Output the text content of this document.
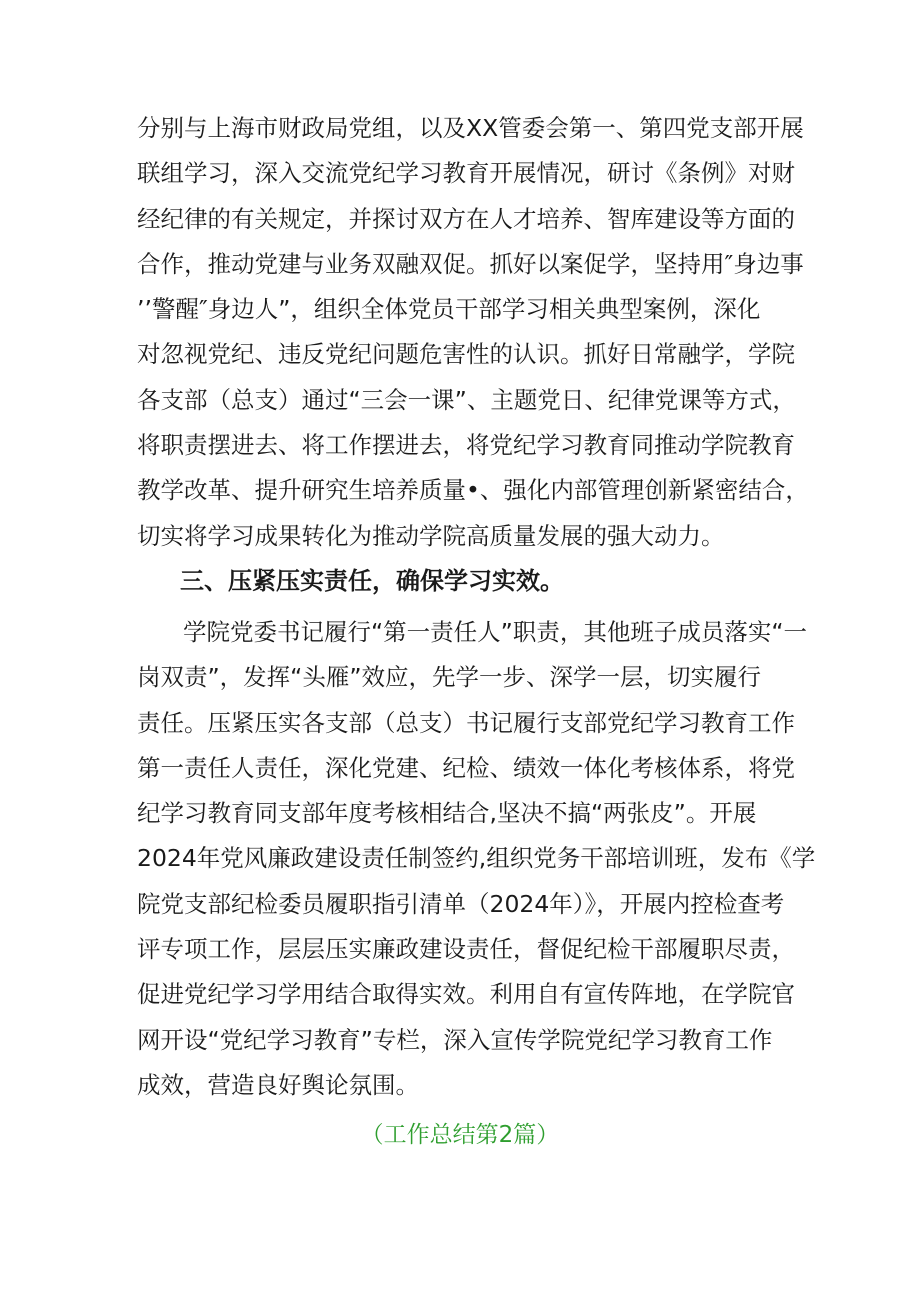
分别与上海市财政局党组，以及XX管委会第一、第四党支部开展
联组学习，深入交流党纪学习教育开展情况，研讨《条例》对财
经纪律的有关规定，并探讨双方在人才培养、智库建设等方面的
合作，推动党建与业务双融双促。抓好以案促学，坚持用″身边事
’’警醒″身边人”，组织全体党员干部学习相关典型案例，深化
对忽视党纪、违反党纪问题危害性的认识。抓好日常融学，学院
各支部（总支）通过“三会一课”、主题党日、纪律党课等方式，
将职责摆进去、将工作摆进去，将党纪学习教育同推动学院教育
教学改革、提升研究生培养质量•、强化内部管理创新紧密结合，
切实将学习成果转化为推动学院高质量发展的强大动力。

三、压紧压实责任，确保学习实效。

学院党委书记履行“第一责任人”职责，其他班子成员落实“一
岗双责”，发挥“头雁”效应，先学一步、深学一层，切实履行
责任。压紧压实各支部（总支）书记履行支部党纪学习教育工作
第一责任人责任，深化党建、纪检、绩效一体化考核体系，将党
纪学习教育同支部年度考核相结合,坚决不搞“两张皮”。开展
2024年党风廉政建设责任制签约,组织党务干部培训班，发布《学
院党支部纪检委员履职指引清单（2024年）》，开展内控检查考
评专项工作，层层压实廉政建设责任，督促纪检干部履职尽责，
促进党纪学习学用结合取得实效。利用自有宣传阵地，在学院官
网开设“党纪学习教育”专栏，深入宣传学院党纪学习教育工作
成效，营造良好舆论氛围。

（工作总结第2篇）
